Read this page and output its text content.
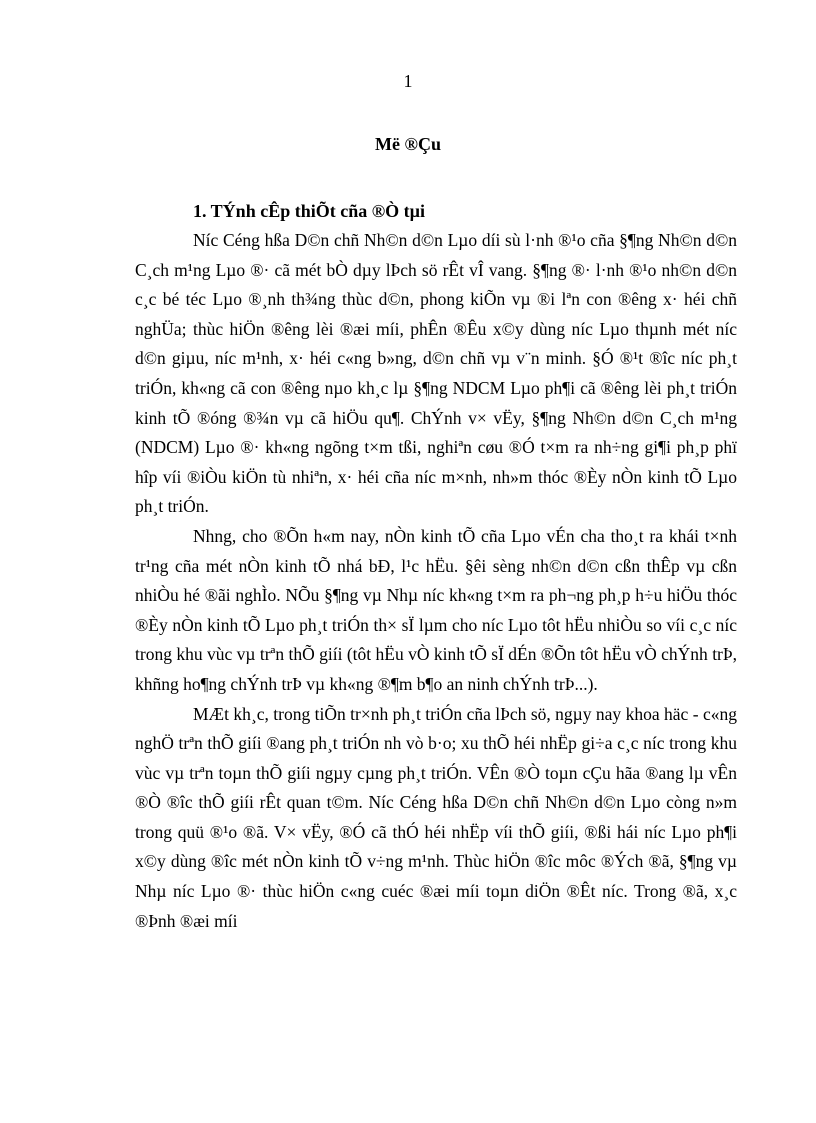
1
Më ®Çu
1. TÝnh cÊp thiÕt cña ®Ò tµi

Níc Céng hßa D©n chñ Nh©n d©n Lµo díi sù l·nh ®¹o cña §¶ng Nh©n d©n C¸ch m¹ng Lµo ®· cã mét bÒ dµy lÞch sö rÊt vÎ vang. §¶ng ®· l·nh ®¹o nh©n d©n c¸c bé téc Lµo ®¸nh th¾ng thùc d©n, phong kiÕn vµ ®i lªn con ®êng x· héi chñ nghÜa; thùc hiÖn ®êng lèi ®æi míi, phÊn ®Êu x©y dùng níc Lµo thµnh mét níc d©n giµu, níc m¹nh, x· héi c«ng b»ng, d©n chñ vµ v¨n minh. §Ó ®¹t ®îc níc ph¸t triÓn, kh«ng cã con ®êng nµo kh¸c lµ §¶ng NDCM Lµo ph¶i cã ®êng lèi ph¸t triÓn kinh tÕ ®óng ®¾n vµ cã hiÖu qu¶. ChÝnh v× vËy, §¶ng Nh©n d©n C¸ch m¹ng (NDCM) Lµo ®· kh«ng ngõng t×m tßi, nghiªn cøu ®Ó t×m ra nh÷ng gi¶i ph¸p phï hîp víi ®iÒu kiÖn tù nhiªn, x· héi cña níc m×nh, nh»m thóc ®Èy nÒn kinh tÕ Lµo ph¸t triÓn.

Nhng, cho ®Õn h«m nay, nÒn kinh tÕ cña Lµo vÉn cha tho¸t ra khái t×nh tr¹ng cña mét nÒn kinh tÕ nhá bÐ, l¹c hËu. §êi sèng nh©n d©n cßn thÊp vµ cßn nhiÒu hé ®ãi nghÌo. NÕu §¶ng vµ Nhµ níc kh«ng t×m ra ph¬ng ph¸p h÷u hiÖu thóc ®Èy nÒn kinh tÕ Lµo ph¸t triÓn th× sÏ lµm cho níc Lµo tôt hËu nhiÒu so víi c¸c níc trong khu vùc vµ trªn thÕ giíi (tôt hËu vÒ kinh tÕ sÏ dÉn ®Õn tôt hËu vÒ chÝnh trÞ, khñng ho¶ng chÝnh trÞ vµ kh«ng ®¶m b¶o an ninh chÝnh trÞ...).

MÆt kh¸c, trong tiÕn tr×nh ph¸t triÓn cña lÞch sö, ngµy nay khoa häc - c«ng nghÖ trªn thÕ giíi ®ang ph¸t triÓn nh vò b·o; xu thÕ héi nhËp gi÷a c¸c níc trong khu vùc vµ trªn toµn thÕ giíi ngµy cµng ph¸t triÓn. VÊn ®Ò toµn cÇu hãa ®ang lµ vÊn ®Ò ®îc thÕ giíi rÊt quan t©m. Níc Céng hßa D©n chñ Nh©n d©n Lµo còng n»m trong quü ®¹o ®ã. V× vËy, ®Ó cã thÓ héi nhËp víi thÕ giíi, ®ßi hái níc Lµo ph¶i x©y dùng ®îc mét nÒn kinh tÕ v÷ng m¹nh. Thùc hiÖn ®îc môc ®Ých ®ã, §¶ng vµ Nhµ níc Lµo ®· thùc hiÖn c«ng cuéc ®æi míi toµn diÖn ®Êt níc. Trong ®ã, x¸c ®Þnh ®æi míi
